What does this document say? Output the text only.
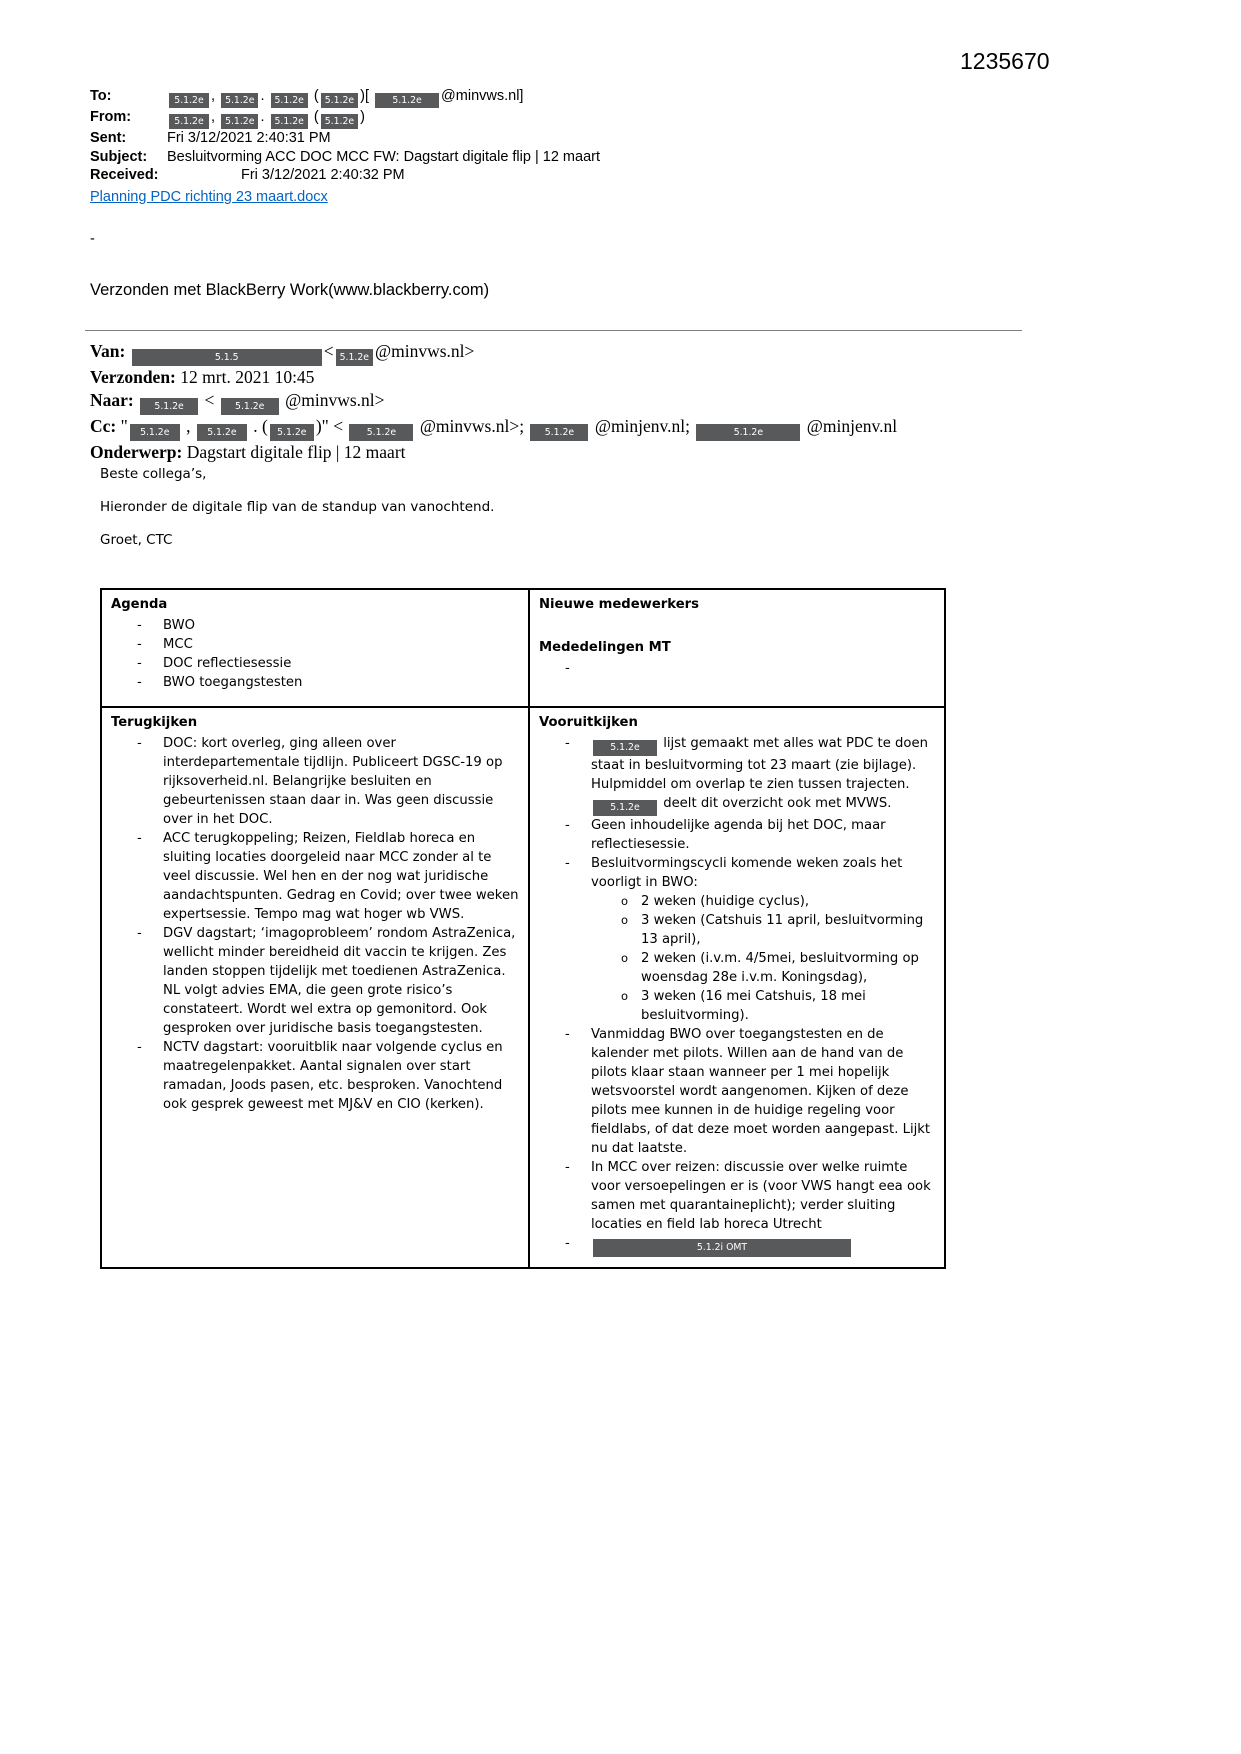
1235670
To:	5.1.2e , 5.1.2e . 5.1.2e ( 5.1.2e )[ 5.1.2e @minvws.nl]
From:	5.1.2e , 5.1.2e . 5.1.2e ( 5.1.2e )
Sent:	Fri 3/12/2021 2:40:31 PM
Subject:	Besluitvorming ACC DOC MCC FW: Dagstart digitale flip | 12 maart
Received:	Fri 3/12/2021 2:40:32 PM
Planning PDC richting 23 maart.docx
-
Verzonden met BlackBerry Work(www.blackberry.com)
Van:	5.1.5	< 5.1.2e @minvws.nl>
Verzonden: 12 mrt. 2021 10:45
Naar: 5.1.2e < 5.1.2e @minvws.nl>
Cc: " 5.1.2e , 5.1.2e . ( 5.1.2e )" < 5.1.2e @minvws.nl>; 5.1.2e @minjenv.nl;	5.1.2e @minjenv.nl
Onderwerp: Dagstart digitale flip | 12 maart

Beste collega’s,

Hieronder de digitale flip van de standup van vanochtend.

Groet, CTC

Agenda
-	BWO
-	MCC
-	DOC reflectiesessie
-	BWO toegangstesten

Nieuwe medewerkers
Mededelingen MT
-

Terugkijken
-	DOC: kort overleg, ging alleen over interdepartementale tijdlijn. Publiceert DGSC-19 op rijksoverheid.nl. Belangrijke besluiten en gebeurtenissen staan daar in. Was geen discussie over in het DOC.
-	ACC terugkoppeling; Reizen, Fieldlab horeca en sluiting locaties doorgeleid naar MCC zonder al te veel discussie. Wel hen en der nog wat juridische aandachtspunten. Gedrag en Covid; over twee weken expertsessie. Tempo mag wat hoger wb VWS.
-	DGV dagstart; ‘imagoprobleem’ rondom AstraZenica, wellicht minder bereidheid dit vaccin te krijgen. Zes landen stoppen tijdelijk met toedienen AstraZenica. NL volgt advies EMA, die geen grote risico’s constateert. Wordt wel extra op gemonitord. Ook gesproken over juridische basis toegangstesten.
-	NCTV dagstart: vooruitblik naar volgende cyclus en maatregelenpakket. Aantal signalen over start ramadan, Joods pasen, etc. besproken. Vanochtend ook gesprek geweest met MJ&V en CIO (kerken).

Vooruitkijken
-	5.1.2e lijst gemaakt met alles wat PDC te doen staat in besluitvorming tot 23 maart (zie bijlage). Hulpmiddel om overlap te zien tussen trajecten. 5.1.2e deelt dit overzicht ook met MVWS.
-	Geen inhoudelijke agenda bij het DOC, maar reflectiesessie.
-	Besluitvormingscycli komende weken zoals het voorligt in BWO:
o 2 weken (huidige cyclus),
o 3 weken (Catshuis 11 april, besluitvorming 13 april),
o 2 weken (i.v.m. 4/5mei, besluitvorming op woensdag 28e i.v.m. Koningsdag),
o 3 weken (16 mei Catshuis, 18 mei besluitvorming).
-	Vanmiddag BWO over toegangstesten en de kalender met pilots. Willen aan de hand van de pilots klaar staan wanneer per 1 mei hopelijk wetsvoorstel wordt aangenomen. Kijken of deze pilots mee kunnen in de huidige regeling voor fieldlabs, of dat deze moet worden aangepast. Lijkt nu dat laatste.
-	In MCC over reizen: discussie over welke ruimte voor versoepelingen er is (voor VWS hangt eea ook samen met quarantaineplicht); verder sluiting locaties en field lab horeca Utrecht
-	5.1.2i OMT
